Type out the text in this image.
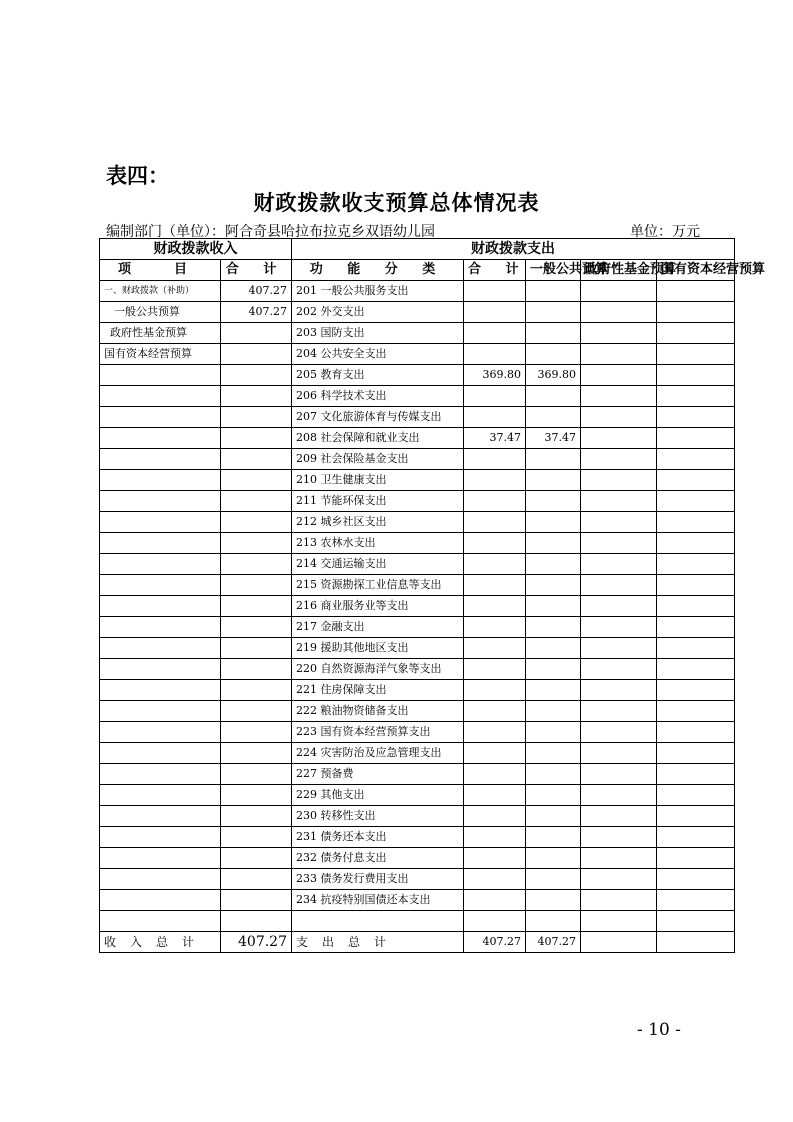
表四：
财政拨款收支预算总体情况表
编制部门（单位）：阿合奇县哈拉布拉克乡双语幼儿园	单位：万元
财政拨款收入		财政拨款支出				
项　目	合 计	功 能 分 类	合 计	一般公共预算	政府性基金预算	国有资本经营预算
一、财政拨款（补助）	407.27	201 一般公共服务支出				
一般公共预算	407.27	202 外交支出				
政府性基金预算		203 国防支出				
国有资本经营预算		204 公共安全支出				
		205 教育支出	369.80	369.80		
		206 科学技术支出				
		207 文化旅游体育与传媒支出				
		208 社会保障和就业支出	37.47	37.47		
		209 社会保险基金支出				
		210 卫生健康支出				
		211 节能环保支出				
		212 城乡社区支出				
		213 农林水支出				
		214 交通运输支出				
		215 资源勘探工业信息等支出				
		216 商业服务业等支出				
		217 金融支出				
		219 援助其他地区支出				
		220 自然资源海洋气象等支出				
		221 住房保障支出				
		222 粮油物资储备支出				
		223 国有资本经营预算支出				
		224 灾害防治及应急管理支出				
		227 预备费				
		229 其他支出				
		230 转移性支出				
		231 债务还本支出				
		232 债务付息支出				
		233 债务发行费用支出				
		234 抗疫特别国债还本支出				

收入总计	407.27	支出总计	407.27	407.27		
- 10 -
